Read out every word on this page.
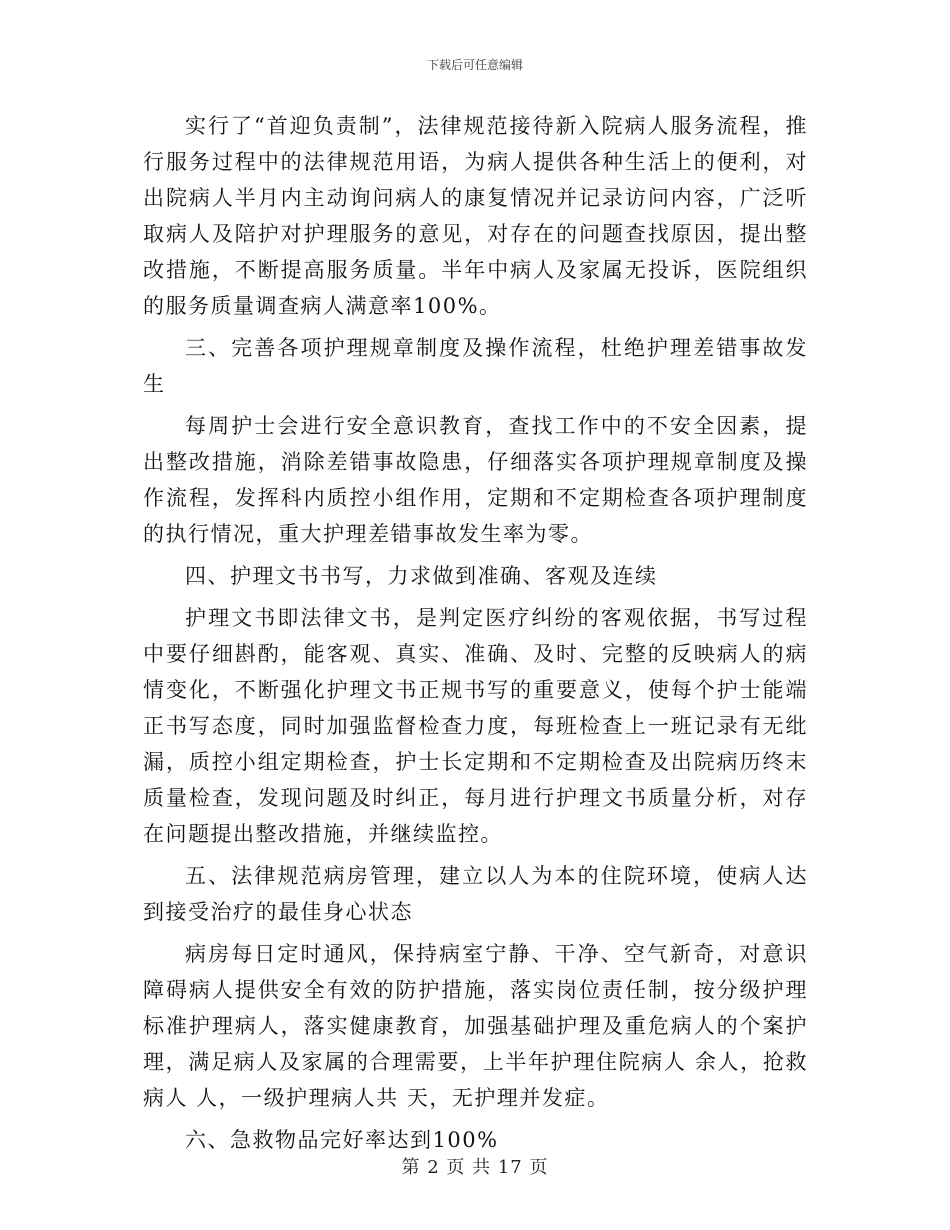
下载后可任意编辑

实行了“首迎负责制”，法律规范接待新入院病人服务流程，推行服务过程中的法律规范用语，为病人提供各种生活上的便利，对出院病人半月内主动询问病人的康复情况并记录访问内容，广泛听取病人及陪护对护理服务的意见，对存在的问题查找原因，提出整改措施，不断提高服务质量。半年中病人及家属无投诉，医院组织的服务质量调查病人满意率100%。

三、完善各项护理规章制度及操作流程，杜绝护理差错事故发生

每周护士会进行安全意识教育，查找工作中的不安全因素，提出整改措施，消除差错事故隐患，仔细落实各项护理规章制度及操作流程，发挥科内质控小组作用，定期和不定期检查各项护理制度的执行情况，重大护理差错事故发生率为零。

四、护理文书书写，力求做到准确、客观及连续

护理文书即法律文书，是判定医疗纠纷的客观依据，书写过程中要仔细斟酌，能客观、真实、准确、及时、完整的反映病人的病情变化，不断强化护理文书正规书写的重要意义，使每个护士能端正书写态度，同时加强监督检查力度，每班检查上一班记录有无纰漏，质控小组定期检查，护士长定期和不定期检查及出院病历终末质量检查，发现问题及时纠正，每月进行护理文书质量分析，对存在问题提出整改措施，并继续监控。

五、法律规范病房管理，建立以人为本的住院环境，使病人达到接受治疗的最佳身心状态

病房每日定时通风，保持病室宁静、干净、空气新奇，对意识障碍病人提供安全有效的防护措施，落实岗位责任制，按分级护理标准护理病人，落实健康教育，加强基础护理及重危病人的个案护理，满足病人及家属的合理需要，上半年护理住院病人 余人，抢救病人 人，一级护理病人共 天，无护理并发症。

六、急救物品完好率达到100%

第 2 页 共 17 页
